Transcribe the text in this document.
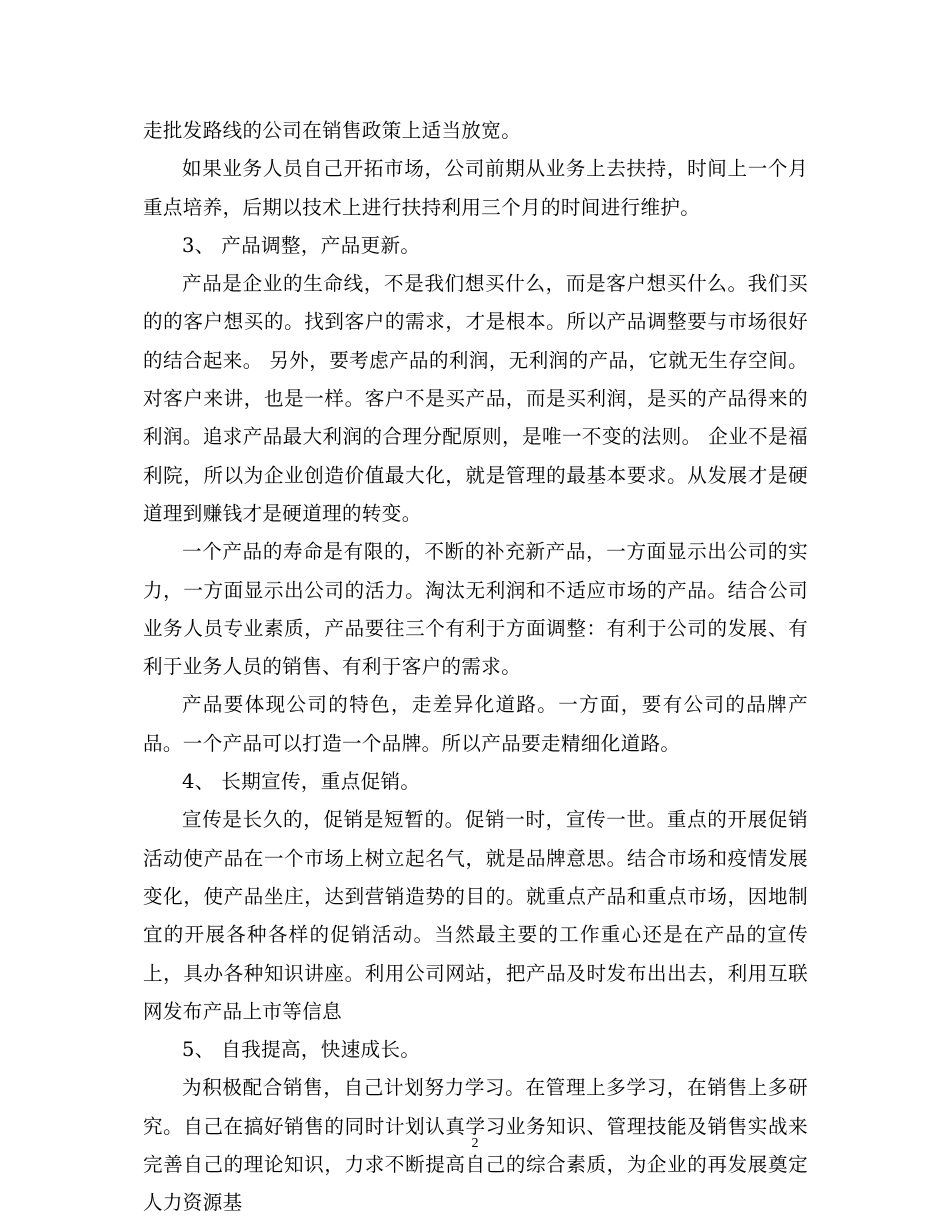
走批发路线的公司在销售政策上适当放宽。

如果业务人员自己开拓市场，公司前期从业务上去扶持，时间上一个月重点培养，后期以技术上进行扶持利用三个月的时间进行维护。

3、 产品调整，产品更新。

产品是企业的生命线，不是我们想买什么，而是客户想买什么。我们买的的客户想买的。找到客户的需求，才是根本。所以产品调整要与市场很好的结合起来。 另外，要考虑产品的利润，无利润的产品，它就无生存空间。对客户来讲，也是一样。客户不是买产品，而是买利润，是买的产品得来的利润。追求产品最大利润的合理分配原则，是唯一不变的法则。 企业不是福利院，所以为企业创造价值最大化，就是管理的最基本要求。从发展才是硬道理到赚钱才是硬道理的转变。

一个产品的寿命是有限的，不断的补充新产品，一方面显示出公司的实力，一方面显示出公司的活力。淘汰无利润和不适应市场的产品。结合公司业务人员专业素质，产品要往三个有利于方面调整：有利于公司的发展、有利于业务人员的销售、有利于客户的需求。

产品要体现公司的特色，走差异化道路。一方面，要有公司的品牌产品。一个产品可以打造一个品牌。所以产品要走精细化道路。

4、 长期宣传，重点促销。

宣传是长久的，促销是短暂的。促销一时，宣传一世。重点的开展促销活动使产品在一个市场上树立起名气，就是品牌意思。结合市场和疫情发展变化，使产品坐庄，达到营销造势的目的。就重点产品和重点市场，因地制宜的开展各种各样的促销活动。当然最主要的工作重心还是在产品的宣传上，具办各种知识讲座。利用公司网站，把产品及时发布出出去，利用互联网发布产品上市等信息

5、 自我提高，快速成长。

为积极配合销售，自己计划努力学习。在管理上多学习，在销售上多研究。自己在搞好销售的同时计划认真学习业务知识、管理技能及销售实战来完善自己的理论知识，力求不断提高自己的综合素质，为企业的再发展奠定人力资源基

2
